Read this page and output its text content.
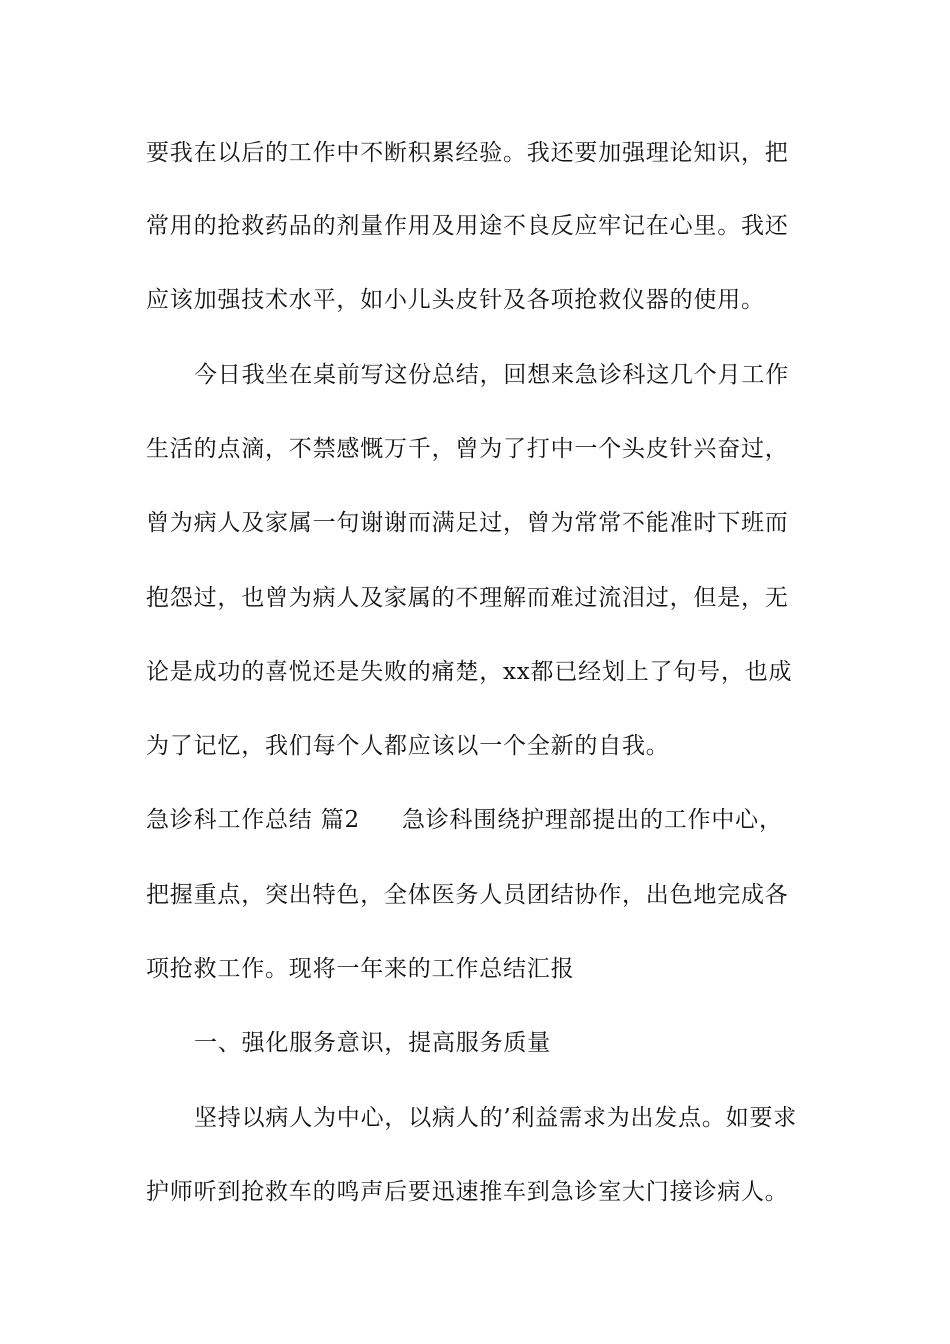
要我在以后的工作中不断积累经验。我还要加强理论知识，把
常用的抢救药品的剂量作用及用途不良反应牢记在心里。我还
应该加强技术水平，如小儿头皮针及各项抢救仪器的使用。
今日我坐在桌前写这份总结，回想来急诊科这几个月工作
生活的点滴，不禁感慨万千，曾为了打中一个头皮针兴奋过，
曾为病人及家属一句谢谢而满足过，曾为常常不能准时下班而
抱怨过，也曾为病人及家属的不理解而难过流泪过，但是，无
论是成功的喜悦还是失败的痛楚，xx都已经划上了句号，也成
为了记忆，我们每个人都应该以一个全新的自我。
急诊科工作总结 篇2 急诊科围绕护理部提出的工作中心，
把握重点，突出特色，全体医务人员团结协作，出色地完成各
项抢救工作。现将一年来的工作总结汇报
一、强化服务意识，提高服务质量
坚持以病人为中心，以病人的’利益需求为出发点。如要求
护师听到抢救车的鸣声后要迅速推车到急诊室大门接诊病人。
